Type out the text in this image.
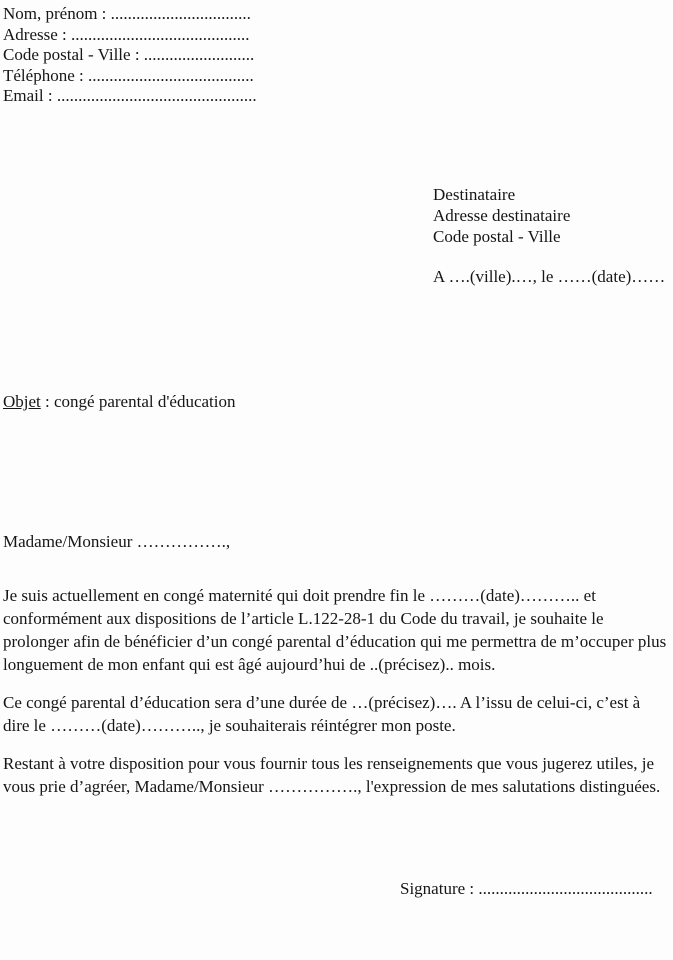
Nom, prénom : .................................
Adresse : ..........................................
Code postal - Ville : ..........................
Téléphone : .......................................
Email : ...............................................
Destinataire
Adresse destinataire
Code postal - Ville
A ….(ville).…, le ……(date)……
Objet : congé parental d'éducation
Madame/Monsieur …………….,

Je suis actuellement en congé maternité qui doit prendre fin le ………(date)……….. et conformément aux dispositions de l’article L.122-28-1 du Code du travail, je souhaite le prolonger afin de bénéficier d’un congé parental d’éducation qui me permettra de m’occuper plus longuement de mon enfant qui est âgé aujourd’hui de ..(précisez).. mois.

Ce congé parental d’éducation sera d’une durée de …(précisez)…. A l’issu de celui-ci, c’est à dire le ………(date)……….., je souhaiterais réintégrer mon poste.

Restant à votre disposition pour vous fournir tous les renseignements que vous jugerez utiles, je vous prie d’agréer, Madame/Monsieur ……………., l'expression de mes salutations distinguées.

Signature : .........................................
